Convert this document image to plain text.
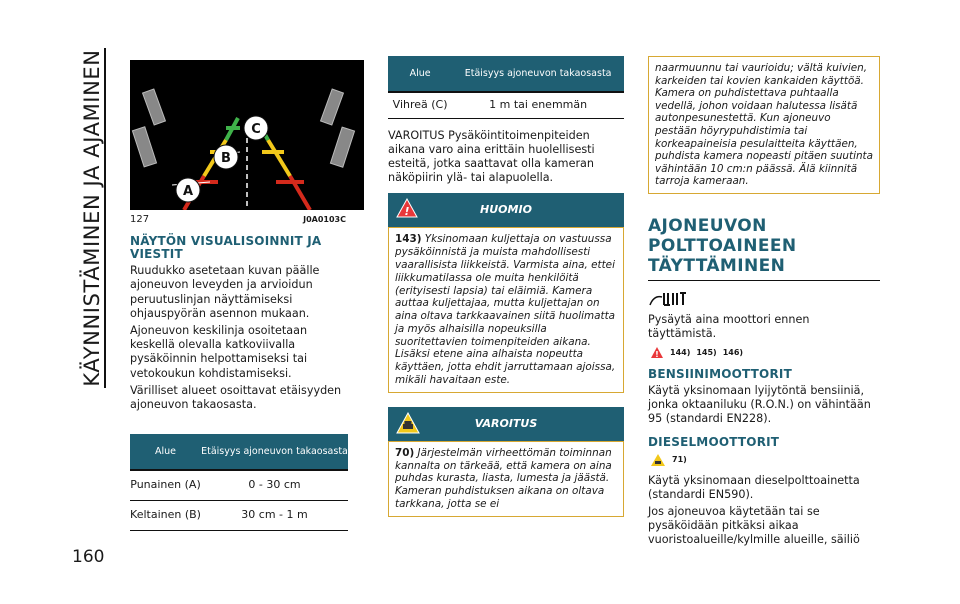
KÄYNNISTÄMINEN JA AJAMINEN
160
A
B
C
127	J0A0103C
NÄYTÖN VISUALISOINNIT JA VIESTIT

Ruudukko asetetaan kuvan päälle ajoneuvon leveyden ja arvioidun peruutuslinjan näyttämiseksi ohjauspyörän asennon mukaan.

Ajoneuvon keskilinja osoitetaan keskellä olevalla katkoviivalla pysäköinnin helpottamiseksi tai vetokoukun kohdistamiseksi.

Värilliset alueet osoittavat etäisyyden ajoneuvon takaosasta.

Alue	Etäisyys ajoneuvon takaosasta
Punainen (A)	0 - 30 cm
Keltainen (B)	30 cm - 1 m
Alue	Etäisyys ajoneuvon takaosasta
Vihreä (C)	1 m tai enemmän

VAROITUS Pysäköintitoimenpiteiden aikana varo aina erittäin huolellisesti esteitä, jotka saattavat olla kameran näköpiirin ylä- tai alapuolella.

!	HUOMIO
143) Yksinomaan kuljettaja on vastuussa pysäköinnistä ja muista mahdollisesti vaarallisista liikkeistä. Varmista aina, ettei liikkumatilassa ole muita henkilöitä (erityisesti lapsia) tai eläimiä. Kamera auttaa kuljettajaa, mutta kuljettajan on aina oltava tarkkaavainen siitä huolimatta ja myös alhaisilla nopeuksilla suoritettavien toimenpiteiden aikana. Lisäksi etene aina alhaista nopeutta käyttäen, jotta ehdit jarruttamaan ajoissa, mikäli havaitaan este.
VAROITUS
70) Järjestelmän virheettömän toiminnan kannalta on tärkeää, että kamera on aina puhdas kurasta, liasta, lumesta ja jäästä. Kameran puhdistuksen aikana on oltava tarkkana, jotta se ei
naarmuunnu tai vaurioidu; vältä kuivien, karkeiden tai kovien kankaiden käyttöä. Kamera on puhdistettava puhtaalla vedellä, johon voidaan halutessa lisätä autonpesunestettä. Kun ajoneuvo pestään höyrypuhdistimia tai korkeapaineisia pesulaitteita käyttäen, puhdista kamera nopeasti pitäen suutinta vähintään 10 cm:n päässä. Älä kiinnitä tarroja kameraan.
AJONEUVON POLTTOAINEEN TÄYTTÄMINEN

Pysäytä aina moottori ennen täyttämistä.

! 144) 145) 146)
BENSIINIMOOTTORIT

Käytä yksinomaan lyijytöntä bensiiniä, jonka oktaaniluku (R.O.N.) on vähintään 95 (standardi EN228).

DIESELMOOTTORIT
71)

Käytä yksinomaan dieselpolttoainetta (standardi EN590).

Jos ajoneuvoa käytetään tai se pysäköidään pitkäksi aikaa vuoristoalueille/kylmille alueille, säiliö
